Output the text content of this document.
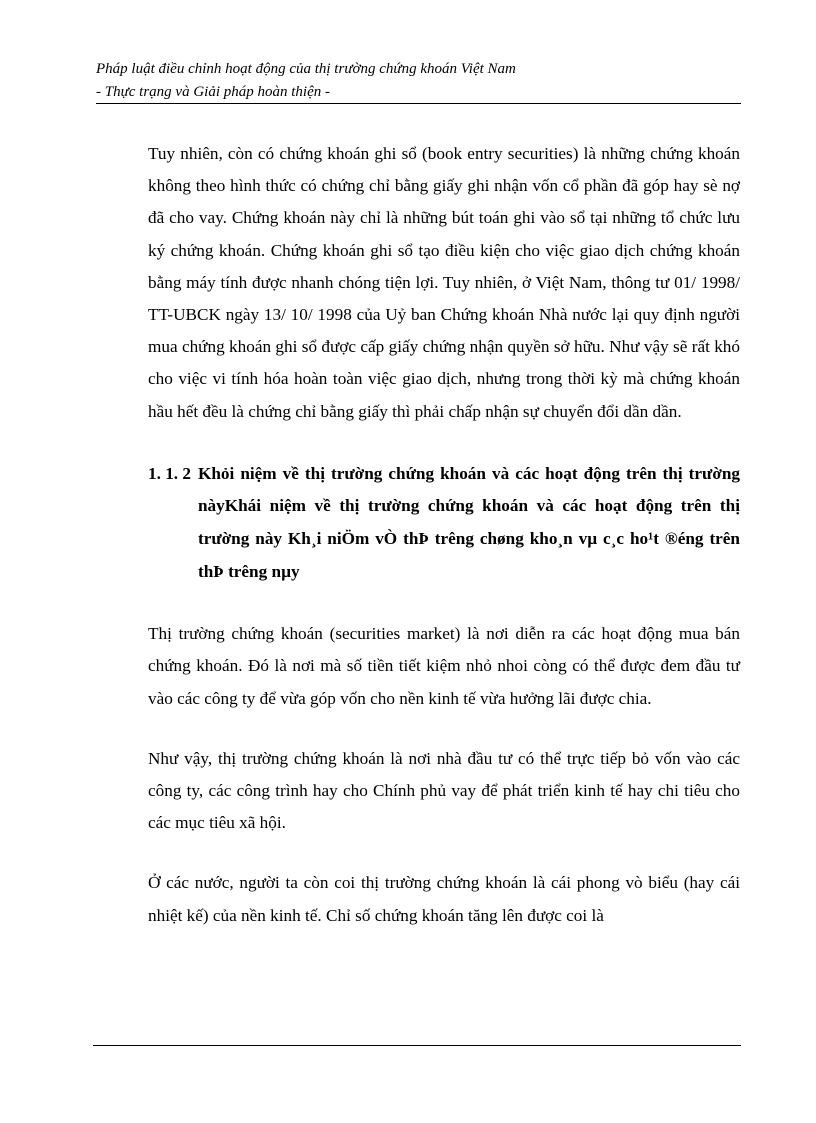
Pháp luật điều chỉnh hoạt động của thị trường chứng khoán Việt Nam
- Thực trạng và Giải pháp hoàn thiện -

Tuy nhiên, còn có chứng khoán ghi sổ (book entry securities) là những chứng khoán không theo hình thức có chứng chỉ bằng giấy ghi nhận vốn cổ phần đã góp hay sè nợ đã cho vay. Chứng khoán này chỉ là những bút toán ghi vào sổ tại những tổ chức lưu ký chứng khoán. Chứng khoán ghi sổ tạo điều kiện cho việc giao dịch chứng khoán bằng máy tính được nhanh chóng tiện lợi. Tuy nhiên, ở Việt Nam, thông tư 01/ 1998/ TT-UBCK ngày 13/ 10/ 1998 của Uỷ ban Chứng khoán Nhà nước lại quy định người mua chứng khoán ghi sổ được cấp giấy chứng nhận quyền sở hữu. Như vậy sẽ rất khó cho việc vi tính hóa hoàn toàn việc giao dịch, nhưng trong thời kỳ mà chứng khoán hầu hết đều là chứng chỉ bằng giấy thì phải chấp nhận sự chuyển đổi dần dần.

1. 1. 2 Khỏi niệm về thị trường chứng khoán và các hoạt động trên thị trường nàyKhái niệm về thị trường chứng khoán và các hoạt động trên thị trường này Kh¸i niÖm vÒ thÞ trêng chøng kho¸n vµ c¸c ho¹t ®éng trên thÞ trêng nµy

Thị trường chứng khoán (securities market) là nơi diễn ra các hoạt động mua bán chứng khoán. Đó là nơi mà số tiền tiết kiệm nhỏ nhoi còng có thể được đem đầu tư vào các công ty để vừa góp vốn cho nền kinh tế vừa hưởng lãi được chia.

Như vậy, thị trường chứng khoán là nơi nhà đầu tư có thể trực tiếp bỏ vốn vào các công ty, các công trình hay cho Chính phủ vay để phát triển kinh tế hay chi tiêu cho các mục tiêu xã hội.

Ở các nước, người ta còn coi thị trường chứng khoán là cái phong vò biểu (hay cái nhiệt kế) của nền kinh tế. Chỉ số chứng khoán tăng lên được coi là
